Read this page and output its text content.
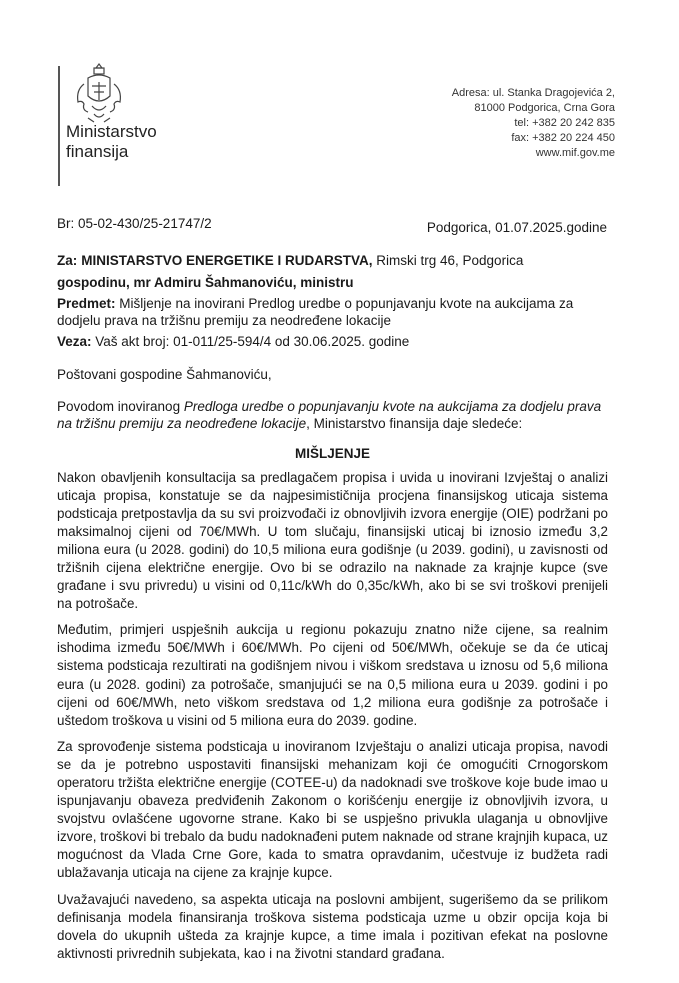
Ministarstvo
finansija
Adresa: ul. Stanka Dragojevića 2,
81000 Podgorica, Crna Gora
tel: +382 20 242 835
fax: +382 20 224 450
www.mif.gov.me
Br: 05-02-430/25-21747/2	Podgorica, 01.07.2025.godine
Za: MINISTARSTVO ENERGETIKE I RUDARSTVA, Rimski trg 46, Podgorica
gospodinu, mr Admiru Šahmanoviću, ministru
Predmet: Mišljenje na inovirani Predlog uredbe o popunjavanju kvote na aukcijama za dodjelu prava na tržišnu premiju za neodređene lokacije
Veza: Vaš akt broj: 01-011/25-594/4 od 30.06.2025. godine
Poštovani gospodine Šahmanoviću,
Povodom inoviranog Predloga uredbe o popunjavanju kvote na aukcijama za dodjelu prava na tržišnu premiju za neodređene lokacije, Ministarstvo finansija daje sledeće:
MIŠLJENJE

Nakon obavljenih konsultacija sa predlagačem propisa i uvida u inovirani Izvještaj o analizi uticaja propisa, konstatuje se da najpesimističnija procjena finansijskog uticaja sistema podsticaja pretpostavlja da su svi proizvođači iz obnovljivih izvora energije (OIE) podržani po maksimalnoj cijeni od 70€/MWh. U tom slučaju, finansijski uticaj bi iznosio između 3,2 miliona eura (u 2028. godini) do 10,5 miliona eura godišnje (u 2039. godini), u zavisnosti od tržišnih cijena električne energije. Ovo bi se odrazilo na naknade za krajnje kupce (sve građane i svu privredu) u visini od 0,11c/kWh do 0,35c/kWh, ako bi se svi troškovi prenijeli na potrošače.

Međutim, primjeri uspješnih aukcija u regionu pokazuju znatno niže cijene, sa realnim ishodima između 50€/MWh i 60€/MWh. Po cijeni od 50€/MWh, očekuje se da će uticaj sistema podsticaja rezultirati na godišnjem nivou i viškom sredstava u iznosu od 5,6 miliona eura (u 2028. godini) za potrošače, smanjujući se na 0,5 miliona eura u 2039. godini i po cijeni od 60€/MWh, neto viškom sredstava od 1,2 miliona eura godišnje za potrošače i uštedom troškova u visini od 5 miliona eura do 2039. godine.

Za sprovođenje sistema podsticaja u inoviranom Izvještaju o analizi uticaja propisa, navodi se da je potrebno uspostaviti finansijski mehanizam koji će omogućiti Crnogorskom operatoru tržišta električne energije (COTEE-u) da nadoknadi sve troškove koje bude imao u ispunjavanju obaveza predviđenih Zakonom o korišćenju energije iz obnovljivih izvora, u svojstvu ovlašćene ugovorne strane. Kako bi se uspješno privukla ulaganja u obnovljive izvore, troškovi bi trebalo da budu nadoknađeni putem naknade od strane krajnjih kupaca, uz mogućnost da Vlada Crne Gore, kada to smatra opravdanim, učestvuje iz budžeta radi ublažavanja uticaja na cijene za krajnje kupce.

Uvažavajući navedeno, sa aspekta uticaja na poslovni ambijent, sugerišemo da se prilikom definisanja modela finansiranja troškova sistema podsticaja uzme u obzir opcija koja bi dovela do ukupnih ušteda za krajnje kupce, a time imala i pozitivan efekat na poslovne aktivnosti privrednih subjekata, kao i na životni standard građana.
